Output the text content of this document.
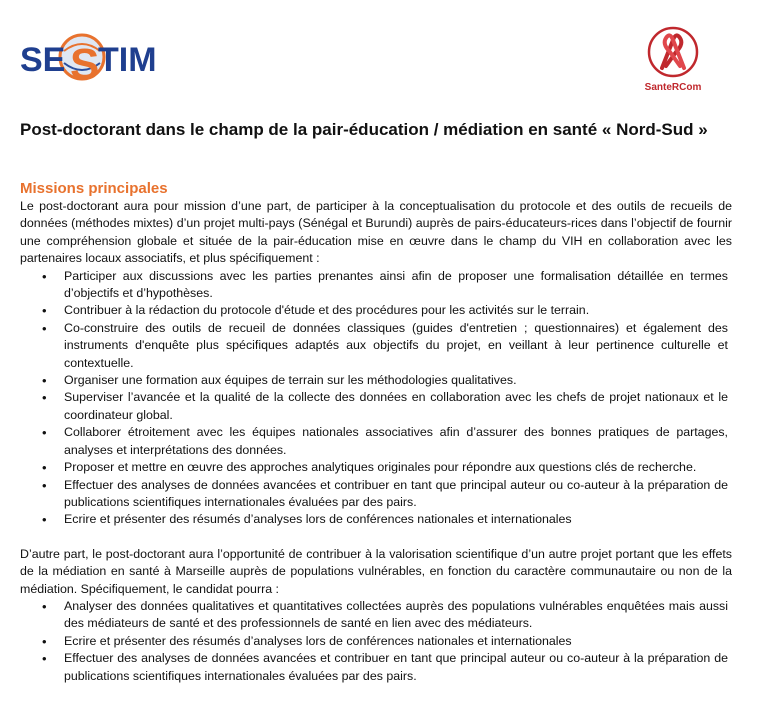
SE S
TIM
SanteRCom
Post-doctorant dans le champ de la pair-éducation / médiation en santé « Nord-Sud »
Missions principales

Le post-doctorant aura pour mission d’une part, de participer à la conceptualisation du protocole et des outils de recueils de données (méthodes mixtes) d’un projet multi-pays (Sénégal et Burundi) auprès de pairs-éducateurs-rices dans l’objectif de fournir une compréhension globale et située de la pair-éducation mise en œuvre dans le champ du VIH en collaboration avec les partenaires locaux associatifs, et plus spécifiquement :

• Participer aux discussions avec les parties prenantes ainsi afin de proposer une formalisation détaillée en termes d’objectifs et d’hypothèses.
• Contribuer à la rédaction du protocole d'étude et des procédures pour les activités sur le terrain.
• Co-construire des outils de recueil de données classiques (guides d'entretien ; questionnaires) et également des instruments d'enquête plus spécifiques adaptés aux objectifs du projet, en veillant à leur pertinence culturelle et contextuelle.
• Organiser une formation aux équipes de terrain sur les méthodologies qualitatives.
• Superviser l’avancée et la qualité de la collecte des données en collaboration avec les chefs de projet nationaux et le coordinateur global.
• Collaborer étroitement avec les équipes nationales associatives afin d’assurer des bonnes pratiques de partages, analyses et interprétations des données.
• Proposer et mettre en œuvre des approches analytiques originales pour répondre aux questions clés de recherche.
• Effectuer des analyses de données avancées et contribuer en tant que principal auteur ou co-auteur à la préparation de publications scientifiques internationales évaluées par des pairs.
• Ecrire et présenter des résumés d’analyses lors de conférences nationales et internationales

D’autre part, le post-doctorant aura l’opportunité de contribuer à la valorisation scientifique d’un autre projet portant que les effets de la médiation en santé à Marseille auprès de populations vulnérables, en fonction du caractère communautaire ou non de la médiation. Spécifiquement, le candidat pourra :

• Analyser des données qualitatives et quantitatives collectées auprès des populations vulnérables enquêtées mais aussi des médiateurs de santé et des professionnels de santé en lien avec des médiateurs.
• Ecrire et présenter des résumés d’analyses lors de conférences nationales et internationales
• Effectuer des analyses de données avancées et contribuer en tant que principal auteur ou co-auteur à la préparation de publications scientifiques internationales évaluées par des pairs.
